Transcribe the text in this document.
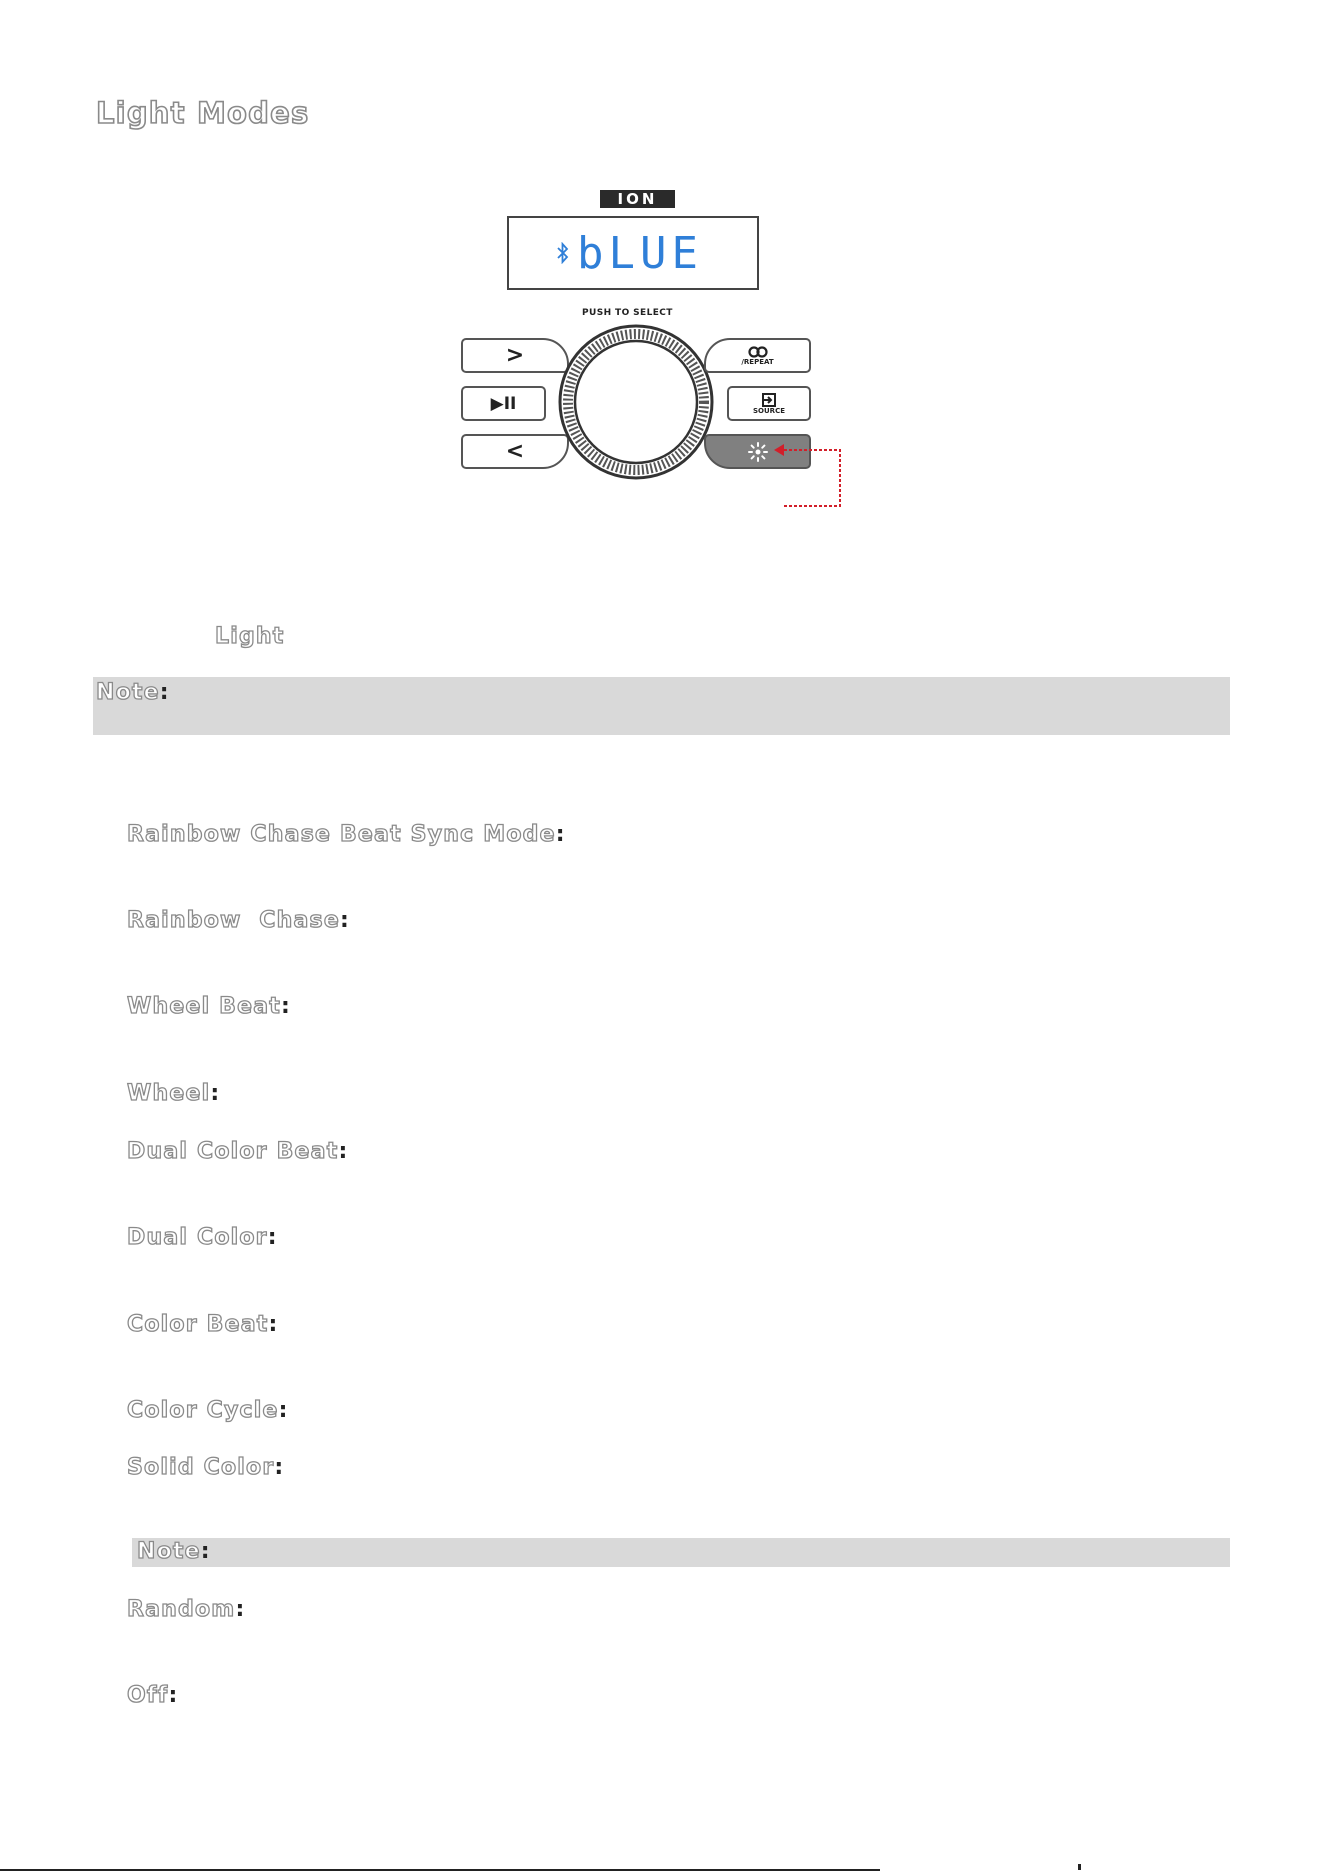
Light Modes
ION
bLUE
PUSH TO SELECT
>
▶II
<
/REPEAT
SOURCE
Light
Note:
Rainbow Chase Beat Sync Mode:
Rainbow  Chase:
Wheel Beat:
Wheel:
Dual Color Beat:
Dual Color:
Color Beat:
Color Cycle:
Solid Color:
Note:
Random:
Off:
